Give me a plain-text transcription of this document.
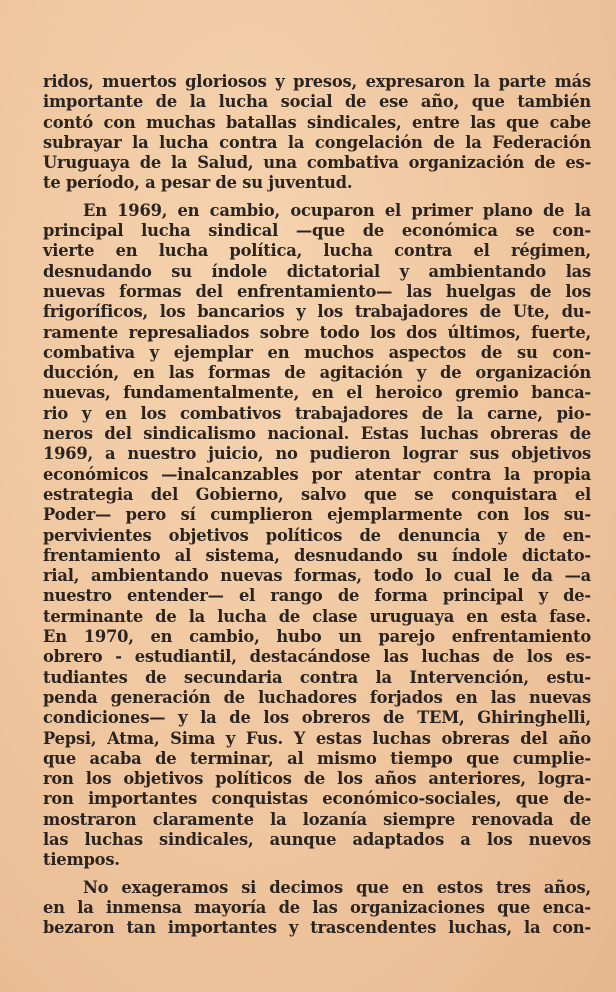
ridos, muertos gloriosos y presos, expresaron la parte más
importante de la lucha social de ese año, que también
contó con muchas batallas sindicales, entre las que cabe
subrayar la lucha contra la congelación de la Federación
Uruguaya de la Salud, una combativa organización de es-
te período, a pesar de su juventud.
En 1969, en cambio, ocuparon el primer plano de la
principal lucha sindical —que de económica se con-
vierte en lucha política, lucha contra el régimen,
desnudando su índole dictatorial y ambientando las
nuevas formas del enfrentamiento— las huelgas de los
frigoríficos, los bancarios y los trabajadores de Ute, du-
ramente represaliados sobre todo los dos últimos, fuerte,
combativa y ejemplar en muchos aspectos de su con-
ducción, en las formas de agitación y de organización
nuevas, fundamentalmente, en el heroico gremio banca-
rio y en los combativos trabajadores de la carne, pio-
neros del sindicalismo nacional. Estas luchas obreras de
1969, a nuestro juicio, no pudieron lograr sus objetivos
económicos —inalcanzables por atentar contra la propia
estrategia del Gobierno, salvo que se conquistara el
Poder— pero sí cumplieron ejemplarmente con los su-
pervivientes objetivos políticos de denuncia y de en-
frentamiento al sistema, desnudando su índole dictato-
rial, ambientando nuevas formas, todo lo cual le da —a
nuestro entender— el rango de forma principal y de-
terminante de la lucha de clase uruguaya en esta fase.
En 1970, en cambio, hubo un parejo enfrentamiento
obrero - estudiantil, destacándose las luchas de los es-
tudiantes de secundaria contra la Intervención, estu-
penda generación de luchadores forjados en las nuevas
condiciones— y la de los obreros de TEM, Ghiringhelli,
Pepsi, Atma, Sima y Fus. Y estas luchas obreras del año
que acaba de terminar, al mismo tiempo que cumplie-
ron los objetivos políticos de los años anteriores, logra-
ron importantes conquistas económico-sociales, que de-
mostraron claramente la lozanía siempre renovada de
las luchas sindicales, aunque adaptados a los nuevos
tiempos.
No exageramos si decimos que en estos tres años,
en la inmensa mayoría de las organizaciones que enca-
bezaron tan importantes y trascendentes luchas, la con-
